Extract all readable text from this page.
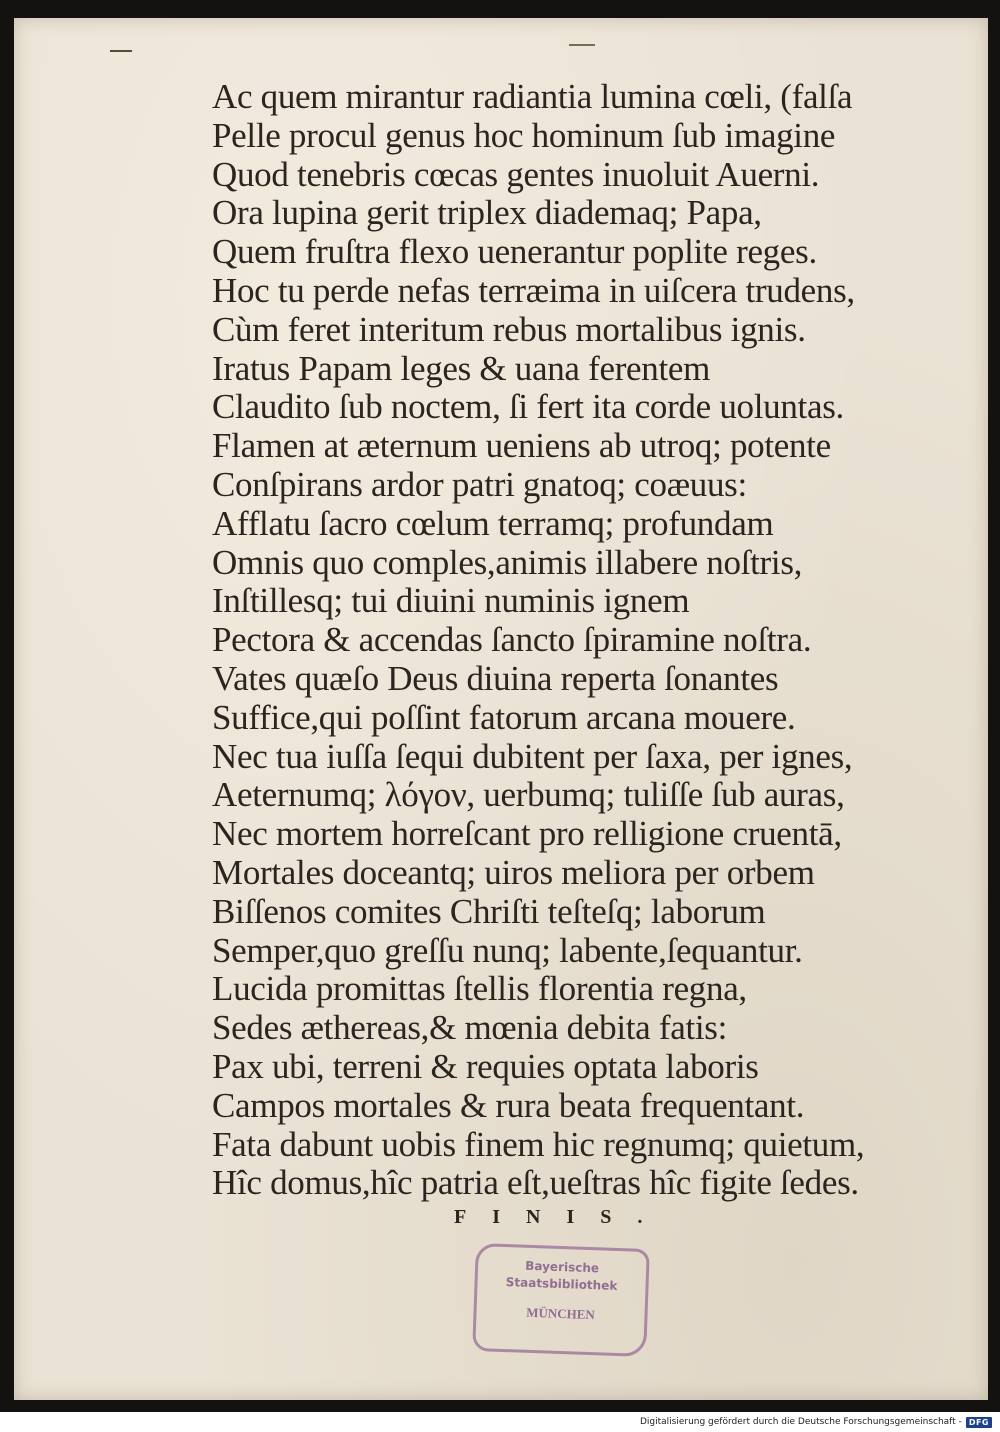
Ac quem mirantur radiantia lumina cœli, (falſa
Pelle procul genus hoc hominum ſub imagine
Quod tenebris cœcas gentes inuoluit Auerni.
Ora lupina gerit triplex diademaq; Papa,
Quem fruſtra flexo uenerantur poplite reges.
Hoc tu perde nefas terræima in uiſcera trudens,
Cùm feret interitum rebus mortalibus ignis.
Iratus Papam leges & uana ferentem
Claudito ſub noctem, ſi fert ita corde uoluntas.
Flamen at æternum ueniens ab utroq; potente
Conſpirans ardor patri gnatoq; coæuus:
Afflatu ſacro cœlum terramq; profundam
Omnis quo comples,animis illabere noſtris,
Inſtillesq; tui diuini numinis ignem
Pectora & accendas ſancto ſpiramine noſtra.
Vates quæſo Deus diuina reperta ſonantes
Suffice,qui poſſint fatorum arcana mouere.
Nec tua iuſſa ſequi dubitent per ſaxa, per ignes,
Aeternumq; λόγον, uerbumq; tuliſſe ſub auras,
Nec mortem horreſcant pro relligione cruentā,
Mortales doceantq; uiros meliora per orbem
Biſſenos comites Chriſti teſteſq; laborum
Semper,quo greſſu nunq; labente,ſequantur.
Lucida promittas ſtellis florentia regna,
Sedes æthereas,& mœnia debita fatis:
Pax ubi, terreni & requies optata laboris
Campos mortales & rura beata frequentant.
Fata dabunt uobis finem hic regnumq; quietum,
Hîc domus,hîc patria eſt,ueſtras hîc figite ſedes.
FINIS.
Bayerische
Staatsbibliothek
MÜNCHEN
Digitalisierung gefördert durch die Deutsche Forschungsgemeinschaft - DFG
